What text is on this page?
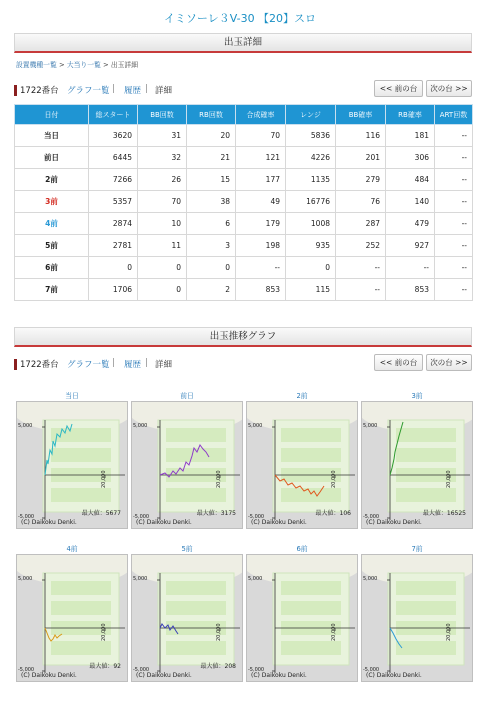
イミソーレ３V-30 【20】スロ
出玉詳細
設置機種一覧 > 大当り一覧 > 出玉詳細
1722番台 グラフ一覧 | 履歴 | 詳細	<< 前の台	次の台 >>
日付	総スタート	BB回数	RB回数	合成確率	レンジ	BB確率	RB確率	ART回数
当日	3620	31	20	70	5836	116	181	--
前日	6445	32	21	121	4226	201	306	--
2前	7266	26	15	177	1135	279	484	--
3前	5357	70	38	49	16776	76	140	--
4前	2874	10	6	179	1008	287	479	--
5前	2781	11	3	198	935	252	927	--
6前	0	0	0	--	0	--	--	--
7前	1706	0	2	853	115	--	853	--
出玉推移グラフ
1722番台 グラフ一覧 | 履歴 | 詳細	<< 前の台	次の台 >>
当日
5,000
-5,000
20,000
最大値：5677
(C) Daikoku Denki.
前日
5,000
-5,000
20,000
最大値：3175
(C) Daikoku Denki.
2前
5,000
-5,000
20,000
最大値：106
(C) Daikoku Denki.
3前
5,000
-5,000
20,000
最大値：16525
(C) Daikoku Denki.
4前
5,000
-5,000
20,000
最大値：92
(C) Daikoku Denki.
5前
5,000
-5,000
20,000
最大値：208
(C) Daikoku Denki.
6前
5,000
-5,000
20,000
(C) Daikoku Denki.
7前
5,000
-5,000
20,000
(C) Daikoku Denki.
